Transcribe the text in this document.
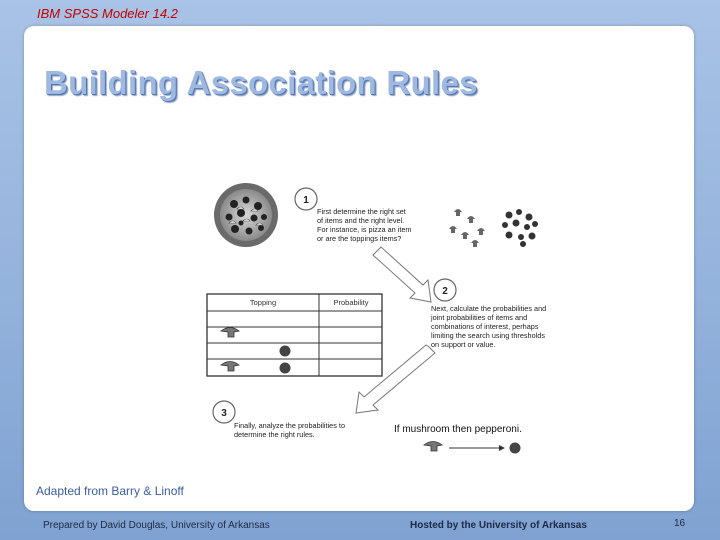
IBM SPSS Modeler 14.2
Building Association Rules
1
First determine the right set of items and the right level. For instance, is pizza an item or are the toppings items?
Topping	Probability
2
Next, calculate the probabilities and joint probabilities of items and combinations of interest, perhaps limiting the search using thresholds on support or value.
3
Finally, analyze the probabilities to determine the right rules.	If mushroom then pepperoni.
Adapted from Barry & Linoff
Prepared by David Douglas, University of Arkansas	Hosted by the University of Arkansas	16
